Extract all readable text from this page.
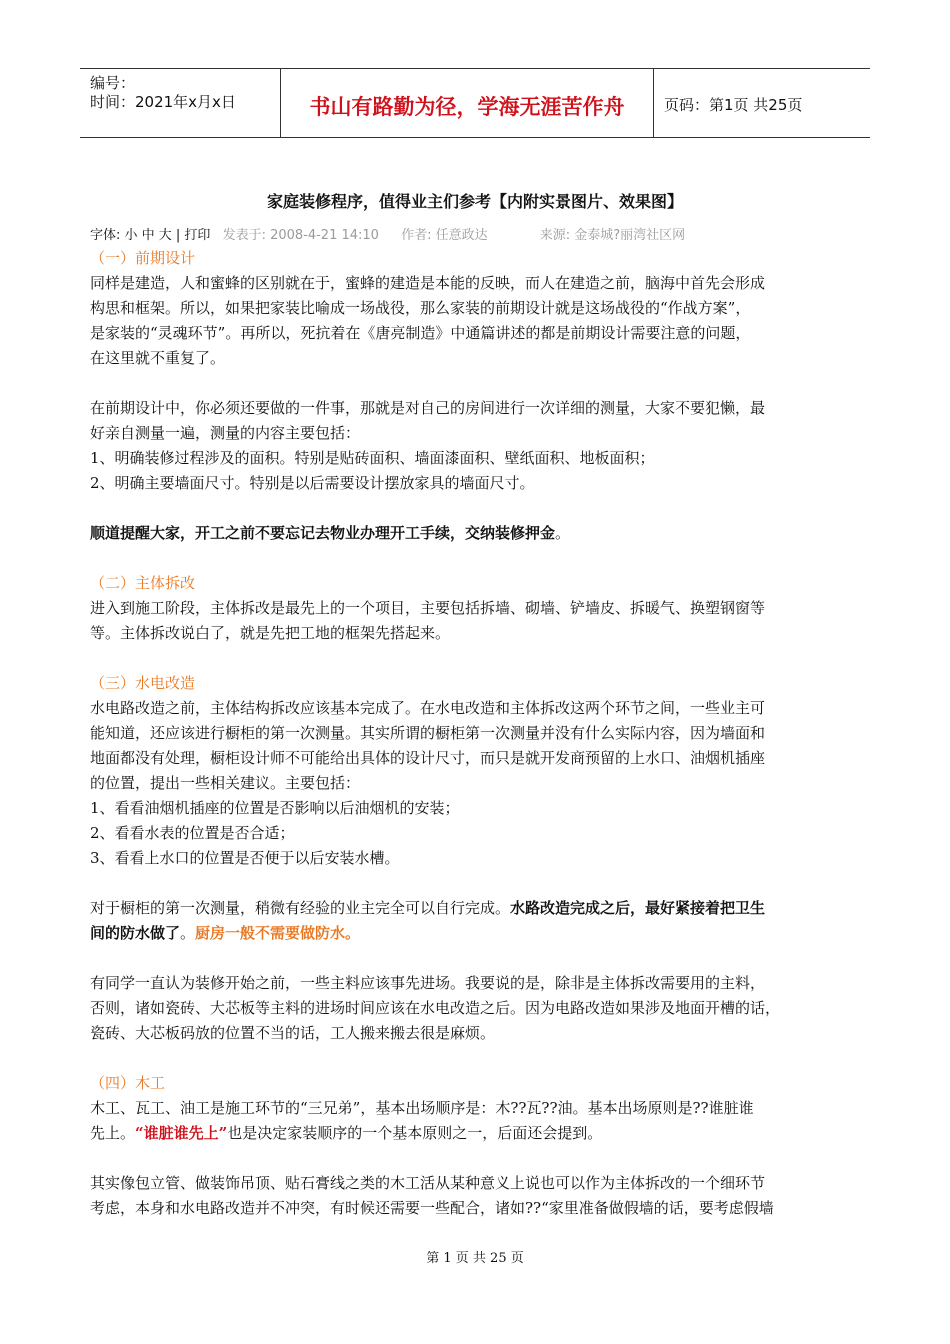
编号：
时间：2021年x月x日	书山有路勤为径，学海无涯苦作舟	页码：第1页 共25页
家庭装修程序，值得业主们参考【内附实景图片、效果图】
字体: 小 中 大 | 打印 发表于: 2008-4-21 14:10 作者: 任意政达	来源: 金泰城?丽湾社区网

（一）前期设计

同样是建造，人和蜜蜂的区别就在于，蜜蜂的建造是本能的反映，而人在建造之前，脑海中首先会形成

构思和框架。所以，如果把家装比喻成一场战役，那么家装的前期设计就是这场战役的“作战方案”，

是家装的“灵魂环节”。再所以，死抗着在《唐亮制造》中通篇讲述的都是前期设计需要注意的问题，

在这里就不重复了。

在前期设计中，你必须还要做的一件事，那就是对自己的房间进行一次详细的测量，大家不要犯懒，最

好亲自测量一遍，测量的内容主要包括：

1、明确装修过程涉及的面积。特别是贴砖面积、墙面漆面积、壁纸面积、地板面积；

2、明确主要墙面尺寸。特别是以后需要设计摆放家具的墙面尺寸。

顺道提醒大家，开工之前不要忘记去物业办理开工手续，交纳装修押金。

（二）主体拆改

进入到施工阶段，主体拆改是最先上的一个项目，主要包括拆墙、砌墙、铲墙皮、拆暖气、换塑钢窗等

等。主体拆改说白了，就是先把工地的框架先搭起来。

（三）水电改造

水电路改造之前，主体结构拆改应该基本完成了。在水电改造和主体拆改这两个环节之间，一些业主可

能知道，还应该进行橱柜的第一次测量。其实所谓的橱柜第一次测量并没有什么实际内容，因为墙面和

地面都没有处理，橱柜设计师不可能给出具体的设计尺寸，而只是就开发商预留的上水口、油烟机插座

的位置，提出一些相关建议。主要包括：

1、看看油烟机插座的位置是否影响以后油烟机的安装；

2、看看水表的位置是否合适；

3、看看上水口的位置是否便于以后安装水槽。

对于橱柜的第一次测量，稍微有经验的业主完全可以自行完成。水路改造完成之后，最好紧接着把卫生

间的防水做了。厨房一般不需要做防水。

有同学一直认为装修开始之前，一些主料应该事先进场。我要说的是，除非是主体拆改需要用的主料，

否则，诸如瓷砖、大芯板等主料的进场时间应该在水电改造之后。因为电路改造如果涉及地面开槽的话，

瓷砖、大芯板码放的位置不当的话，工人搬来搬去很是麻烦。

（四）木工

木工、瓦工、油工是施工环节的“三兄弟”，基本出场顺序是：木??瓦??油。基本出场原则是??谁脏谁

先上。“谁脏谁先上”也是决定家装顺序的一个基本原则之一，后面还会提到。

其实像包立管、做装饰吊顶、贴石膏线之类的木工活从某种意义上说也可以作为主体拆改的一个细环节

考虑，本身和水电路改造并不冲突，有时候还需要一些配合，诸如??“家里准备做假墙的话，要考虑假墙

第 1 页 共 25 页
